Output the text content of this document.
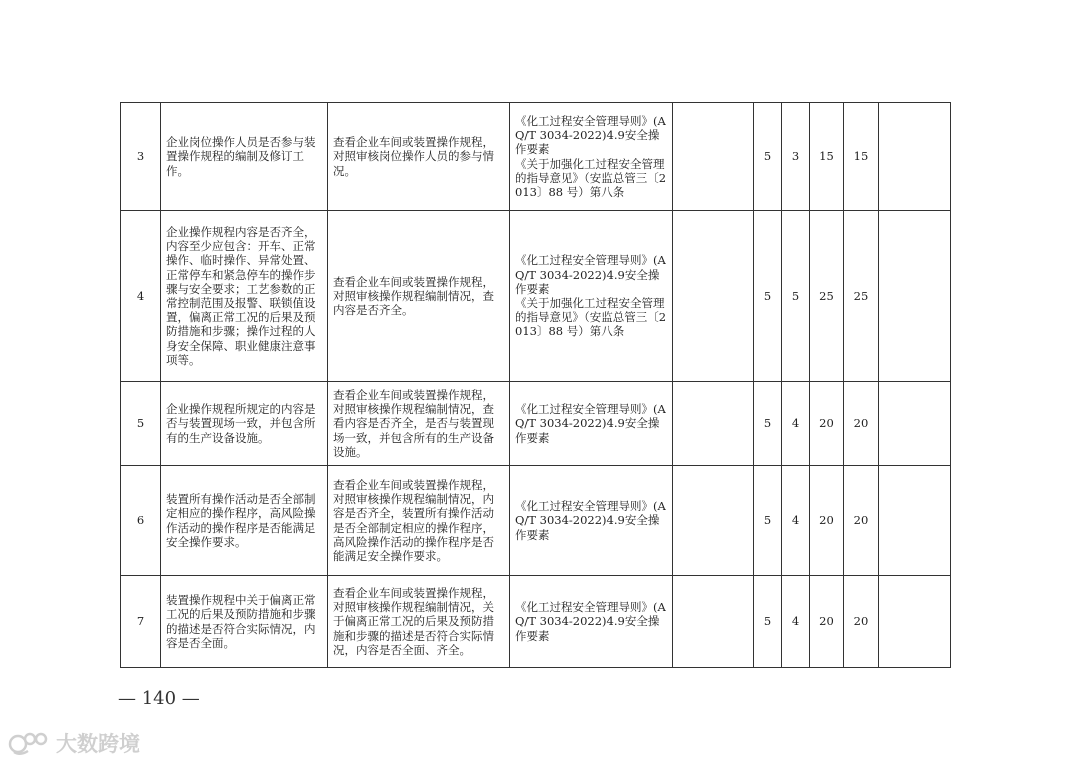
3	企业岗位操作人员是否参与装置操作规程的编制及修订工作。	查看企业车间或装置操作规程，对照审核岗位操作人员的参与情况。	《化工过程安全管理导则》(AQ/T 3034-2022)4.9安全操作要素
《关于加强化工过程安全管理的指导意见》（安监总管三〔2013〕88 号）第八条		5	3	15	15	
4	企业操作规程内容是否齐全，内容至少应包含：开车、正常操作、临时操作、异常处置、正常停车和紧急停车的操作步骤与安全要求；工艺参数的正常控制范围及报警、联锁值设置，偏离正常工况的后果及预防措施和步骤；操作过程的人身安全保障、职业健康注意事项等。	查看企业车间或装置操作规程，对照审核操作规程编制情况，查内容是否齐全。	《化工过程安全管理导则》(AQ/T 3034-2022)4.9安全操作要素
《关于加强化工过程安全管理的指导意见》（安监总管三〔2013〕88 号）第八条		5	5	25	25	
5	企业操作规程所规定的内容是否与装置现场一致，并包含所有的生产设备设施。	查看企业车间或装置操作规程，对照审核操作规程编制情况，查看内容是否齐全，是否与装置现场一致，并包含所有的生产设备设施。	《化工过程安全管理导则》(AQ/T 3034-2022)4.9安全操作要素		5	4	20	20	
6	装置所有操作活动是否全部制定相应的操作程序，高风险操作活动的操作程序是否能满足安全操作要求。	查看企业车间或装置操作规程，对照审核操作规程编制情况，内容是否齐全，装置所有操作活动是否全部制定相应的操作程序，高风险操作活动的操作程序是否能满足安全操作要求。	《化工过程安全管理导则》(AQ/T 3034-2022)4.9安全操作要素		5	4	20	20	
7	装置操作规程中关于偏离正常工况的后果及预防措施和步骤的描述是否符合实际情况，内容是否全面。	查看企业车间或装置操作规程，对照审核操作规程编制情况，关于偏离正常工况的后果及预防措施和步骤的描述是否符合实际情况，内容是否全面、齐全。	《化工过程安全管理导则》(AQ/T 3034-2022)4.9安全操作要素		5	4	20	20	
— 140 —
大数跨境
